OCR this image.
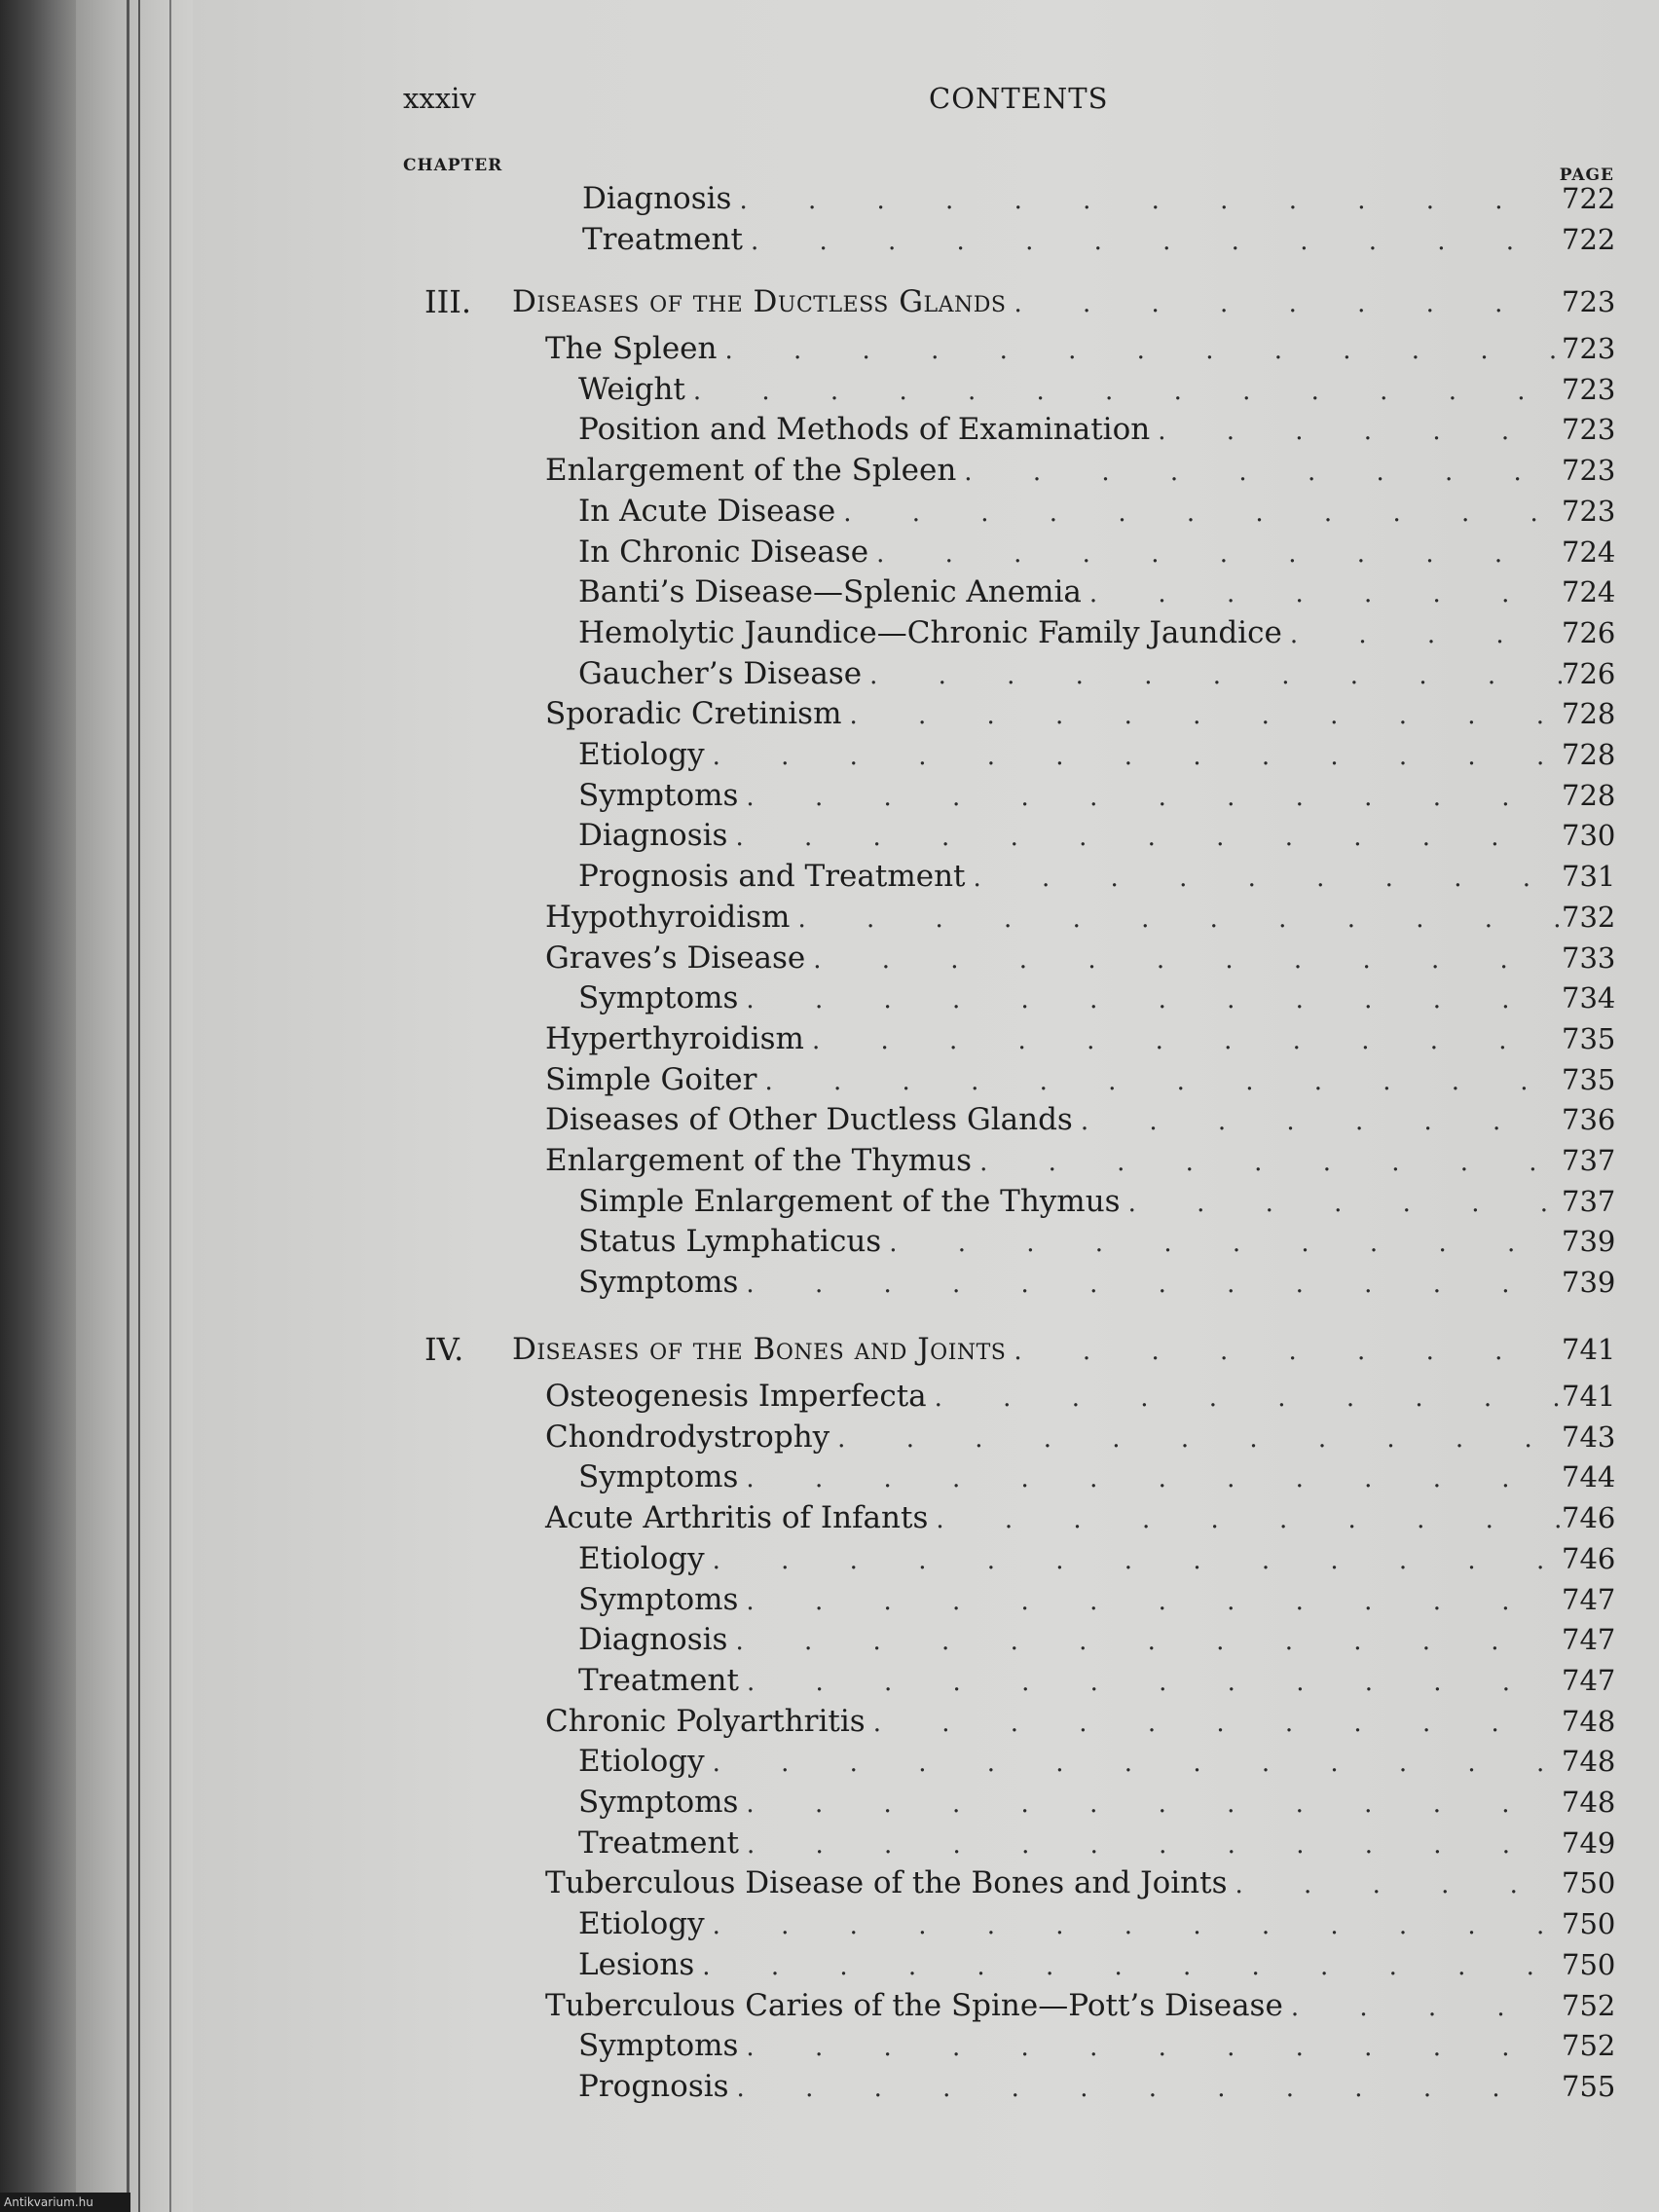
xxxiv	CONTENTS
CHAPTER	PAGE
Diagnosis . . .	722
Treatment . . .	722
III. Diseases of the Ductless Glands . . .	723
The Spleen . . .	723
Weight . . .	723
Position and Methods of Examination . . .	723
Enlargement of the Spleen . . .	723
In Acute Disease . . .	723
In Chronic Disease . . .	724
Banti’s Disease—Splenic Anemia . . .	724
Hemolytic Jaundice—Chronic Family Jaundice . . .	726
Gaucher’s Disease . . .	726
Sporadic Cretinism . . .	728
Etiology . . .	728
Symptoms . . .	728
Diagnosis . . .	730
Prognosis and Treatment . . .	731
Hypothyroidism . . .	732
Graves’s Disease . . .	733
Symptoms . . .	734
Hyperthyroidism . . .	735
Simple Goiter . . .	735
Diseases of Other Ductless Glands . . .	736
Enlargement of the Thymus . . .	737
Simple Enlargement of the Thymus . . .	737
Status Lymphaticus . . .	739
Symptoms . . .	739
IV. Diseases of the Bones and Joints . . .	741
Osteogenesis Imperfecta . . .	741
Chondrodystrophy . . .	743
Symptoms . . .	744
Acute Arthritis of Infants . . .	746
Etiology . . .	746
Symptoms . . .	747
Diagnosis . . .	747
Treatment . . .	747
Chronic Polyarthritis . . .	748
Etiology . . .	748
Symptoms . . .	748
Treatment . . .	749
Tuberculous Disease of the Bones and Joints . . .	750
Etiology . . .	750
Lesions . . .	750
Tuberculous Caries of the Spine—Pott’s Disease . . .	752
Symptoms . . .	752
Prognosis . . .	755
Antikvarium.hu
